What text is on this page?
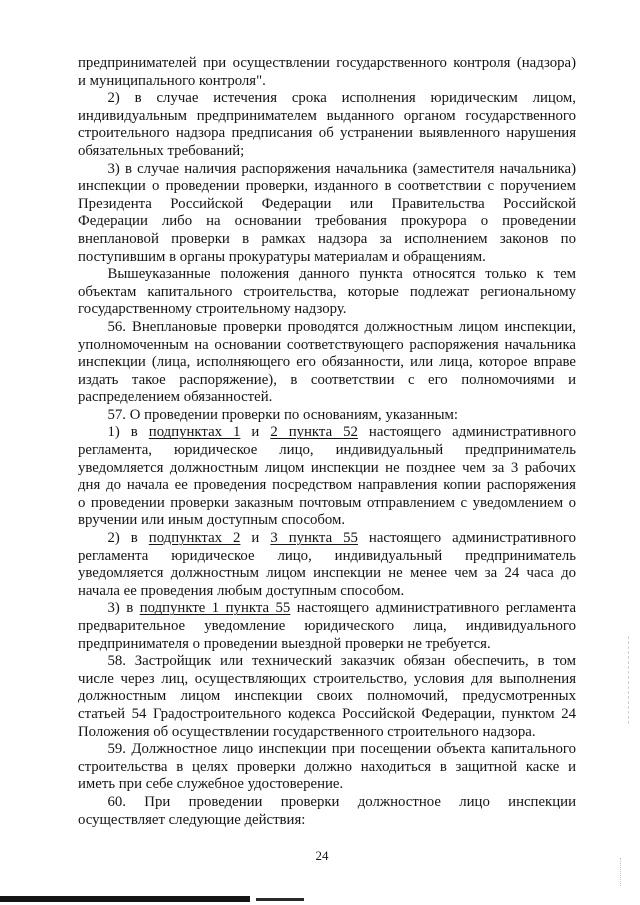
предпринимателей при осуществлении государственного контроля (надзора)
и муниципального контроля".
2) в случае истечения срока исполнения юридическим лицом,
индивидуальным предпринимателем выданного органом государственного
строительного надзора предписания об устранении выявленного нарушения
обязательных требований;
3) в случае наличия распоряжения начальника (заместителя начальника)
инспекции о проведении проверки, изданного в соответствии с поручением
Президента Российской Федерации или Правительства Российской
Федерации либо на основании требования прокурора о проведении
внеплановой проверки в рамках надзора за исполнением законов по
поступившим в органы прокуратуры материалам и обращениям.
Вышеуказанные положения данного пункта относятся только к тем
объектам капитального строительства, которые подлежат региональному
государственному строительному надзору.
56. Внеплановые проверки проводятся должностным лицом инспекции,
уполномоченным на основании соответствующего распоряжения начальника
инспекции (лица, исполняющего его обязанности, или лица, которое вправе
издать такое распоряжение), в соответствии с его полномочиями и
распределением обязанностей.
57. О проведении проверки по основаниям, указанным:
1) в подпунктах 1 и 2 пункта 52 настоящего административного
регламента, юридическое лицо, индивидуальный предприниматель
уведомляется должностным лицом инспекции не позднее чем за 3 рабочих
дня до начала ее проведения посредством направления копии распоряжения
о проведении проверки заказным почтовым отправлением с уведомлением о
вручении или иным доступным способом.
2) в подпунктах 2 и 3 пункта 55 настоящего административного
регламента юридическое лицо, индивидуальный предприниматель
уведомляется должностным лицом инспекции не менее чем за 24 часа до
начала ее проведения любым доступным способом.
3) в подпункте 1 пункта 55 настоящего административного регламента
предварительное уведомление юридического лица, индивидуального
предпринимателя о проведении выездной проверки не требуется.
58. Застройщик или технический заказчик обязан обеспечить, в том
числе через лиц, осуществляющих строительство, условия для выполнения
должностным лицом инспекции своих полномочий, предусмотренных
статьей 54 Градостроительного кодекса Российской Федерации, пунктом 24
Положения об осуществлении государственного строительного надзора.
59. Должностное лицо инспекции при посещении объекта капитального
строительства в целях проверки должно находиться в защитной каске и
иметь при себе служебное удостоверение.
60. При проведении проверки должностное лицо инспекции
осуществляет следующие действия:
24
